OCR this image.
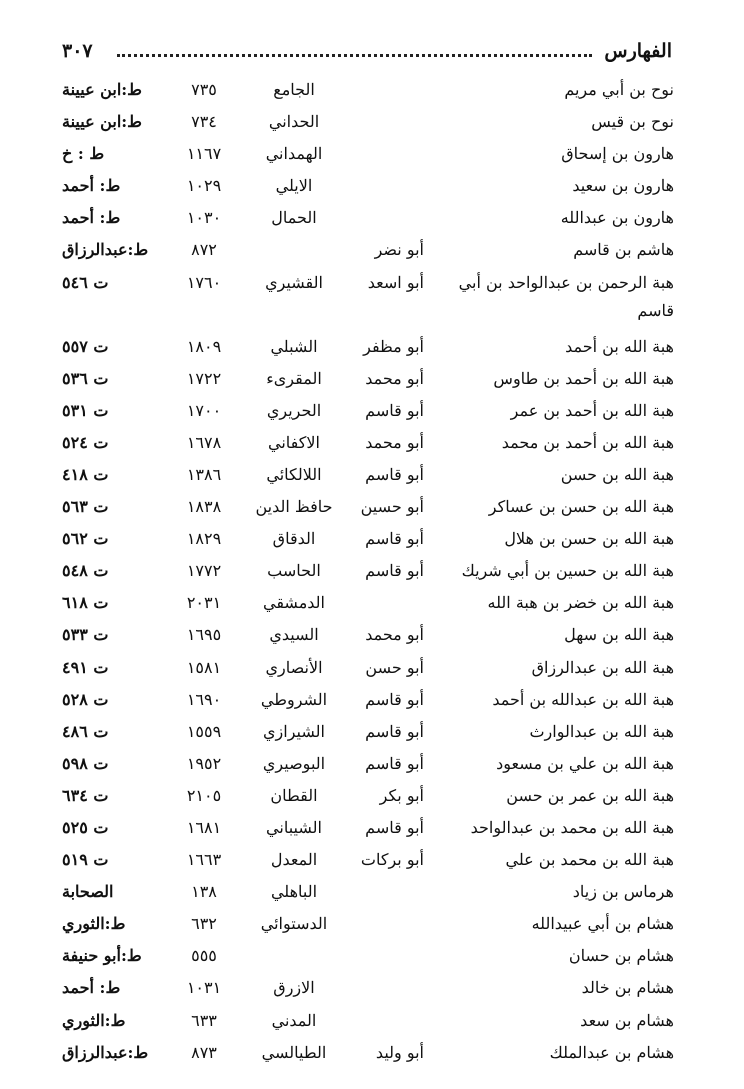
الفهارس
٣٠٧
نوح بن أبي مريم
الجامع
٧٣٥
ط:ابن عيينة
نوح بن قيس
الحداني
٧٣٤
ط:ابن عيينة
هارون بن إسحاق
الهمداني
١١٦٧
ط : خ
هارون بن سعيد
الايلي
١٠٢٩
ط: أحمد
هارون بن عبدالله
الحمال
١٠٣٠
ط: أحمد
هاشم بن قاسم
أبو نضر
٨٧٢
ط:عبدالرزاق
هبة الرحمن بن عبدالواحد بن أبي
قاسم
أبو اسعد
القشيري
١٧٦٠
ت ٥٤٦
هبة الله بن أحمد
أبو مظفر
الشبلي
١٨٠٩
ت ٥٥٧
هبة الله بن أحمد بن طاوس
أبو محمد
المقرىء
١٧٢٢
ت ٥٣٦
هبة الله بن أحمد بن عمر
أبو قاسم
الحريري
١٧٠٠
ت ٥٣١
هبة الله بن أحمد بن محمد
أبو محمد
الاكفاني
١٦٧٨
ت ٥٢٤
هبة الله بن حسن
أبو قاسم
اللالكائي
١٣٨٦
ت ٤١٨
هبة الله بن حسن بن عساكر
أبو حسين
حافظ الدين
١٨٣٨
ت ٥٦٣
هبة الله بن حسن بن هلال
أبو قاسم
الدقاق
١٨٢٩
ت ٥٦٢
هبة الله بن حسين بن أبي شريك
أبو قاسم
الحاسب
١٧٧٢
ت ٥٤٨
هبة الله بن خضر بن هبة الله
الدمشقي
٢٠٣١
ت ٦١٨
هبة الله بن سهل
أبو محمد
السيدي
١٦٩٥
ت ٥٣٣
هبة الله بن عبدالرزاق
أبو حسن
الأنصاري
١٥٨١
ت ٤٩١
هبة الله بن عبدالله بن أحمد
أبو قاسم
الشروطي
١٦٩٠
ت ٥٢٨
هبة الله بن عبدالوارث
أبو قاسم
الشيرازي
١٥٥٩
ت ٤٨٦
هبة الله بن علي بن مسعود
أبو قاسم
البوصيري
١٩٥٢
ت ٥٩٨
هبة الله بن عمر بن حسن
أبو بكر
القطان
٢١٠٥
ت ٦٣٤
هبة الله بن محمد بن عبدالواحد
أبو قاسم
الشيباني
١٦٨١
ت ٥٢٥
هبة الله بن محمد بن علي
أبو بركات
المعدل
١٦٦٣
ت ٥١٩
هرماس بن زياد
الباهلي
١٣٨
الصحابة
هشام بن أبي عبيدالله
الدستوائي
٦٣٢
ط:الثوري
هشام بن حسان
٥٥٥
ط:أبو حنيفة
هشام بن خالد
الازرق
١٠٣١
ط: أحمد
هشام بن سعد
المدني
٦٣٣
ط:الثوري
هشام بن عبدالملك
أبو وليد
الطيالسي
٨٧٣
ط:عبدالرزاق
